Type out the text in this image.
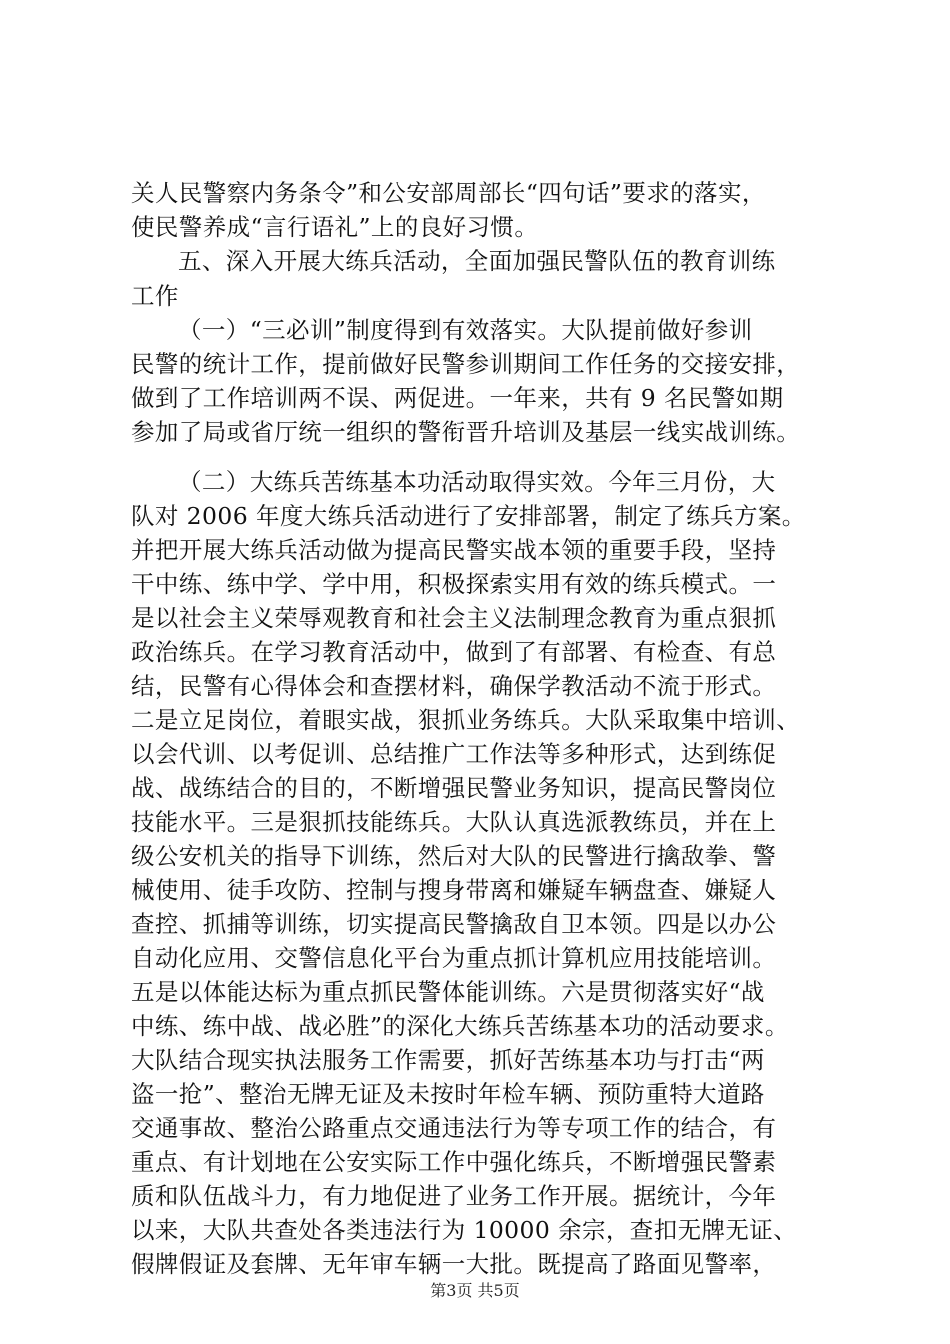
关人民警察内务条令”和公安部周部长“四句话”要求的落实，
使民警养成“言行语礼”上的良好习惯。
五、深入开展大练兵活动，全面加强民警队伍的教育训练
工作
（一）“三必训”制度得到有效落实。大队提前做好参训
民警的统计工作，提前做好民警参训期间工作任务的交接安排，
做到了工作培训两不误、两促进。一年来，共有 9 名民警如期
参加了局或省厅统一组织的警衔晋升培训及基层一线实战训练。
（二）大练兵苦练基本功活动取得实效。今年三月份，大
队对 2006 年度大练兵活动进行了安排部署，制定了练兵方案。
并把开展大练兵活动做为提高民警实战本领的重要手段，坚持
干中练、练中学、学中用，积极探索实用有效的练兵模式。一
是以社会主义荣辱观教育和社会主义法制理念教育为重点狠抓
政治练兵。在学习教育活动中，做到了有部署、有检查、有总
结，民警有心得体会和查摆材料，确保学教活动不流于形式。
二是立足岗位，着眼实战，狠抓业务练兵。大队采取集中培训、
以会代训、以考促训、总结推广工作法等多种形式，达到练促
战、战练结合的目的，不断增强民警业务知识，提高民警岗位
技能水平。三是狠抓技能练兵。大队认真选派教练员，并在上
级公安机关的指导下训练，然后对大队的民警进行擒敌拳、警
械使用、徒手攻防、控制与搜身带离和嫌疑车辆盘查、嫌疑人
查控、抓捕等训练，切实提高民警擒敌自卫本领。四是以办公
自动化应用、交警信息化平台为重点抓计算机应用技能培训。
五是以体能达标为重点抓民警体能训练。六是贯彻落实好“战
中练、练中战、战必胜”的深化大练兵苦练基本功的活动要求。
大队结合现实执法服务工作需要，抓好苦练基本功与打击“两
盗一抢”、整治无牌无证及未按时年检车辆、预防重特大道路
交通事故、整治公路重点交通违法行为等专项工作的结合，有
重点、有计划地在公安实际工作中强化练兵，不断增强民警素
质和队伍战斗力，有力地促进了业务工作开展。据统计，今年
以来，大队共查处各类违法行为 10000 余宗，查扣无牌无证、
假牌假证及套牌、无年审车辆一大批。既提高了路面见警率，
第3页 共5页
